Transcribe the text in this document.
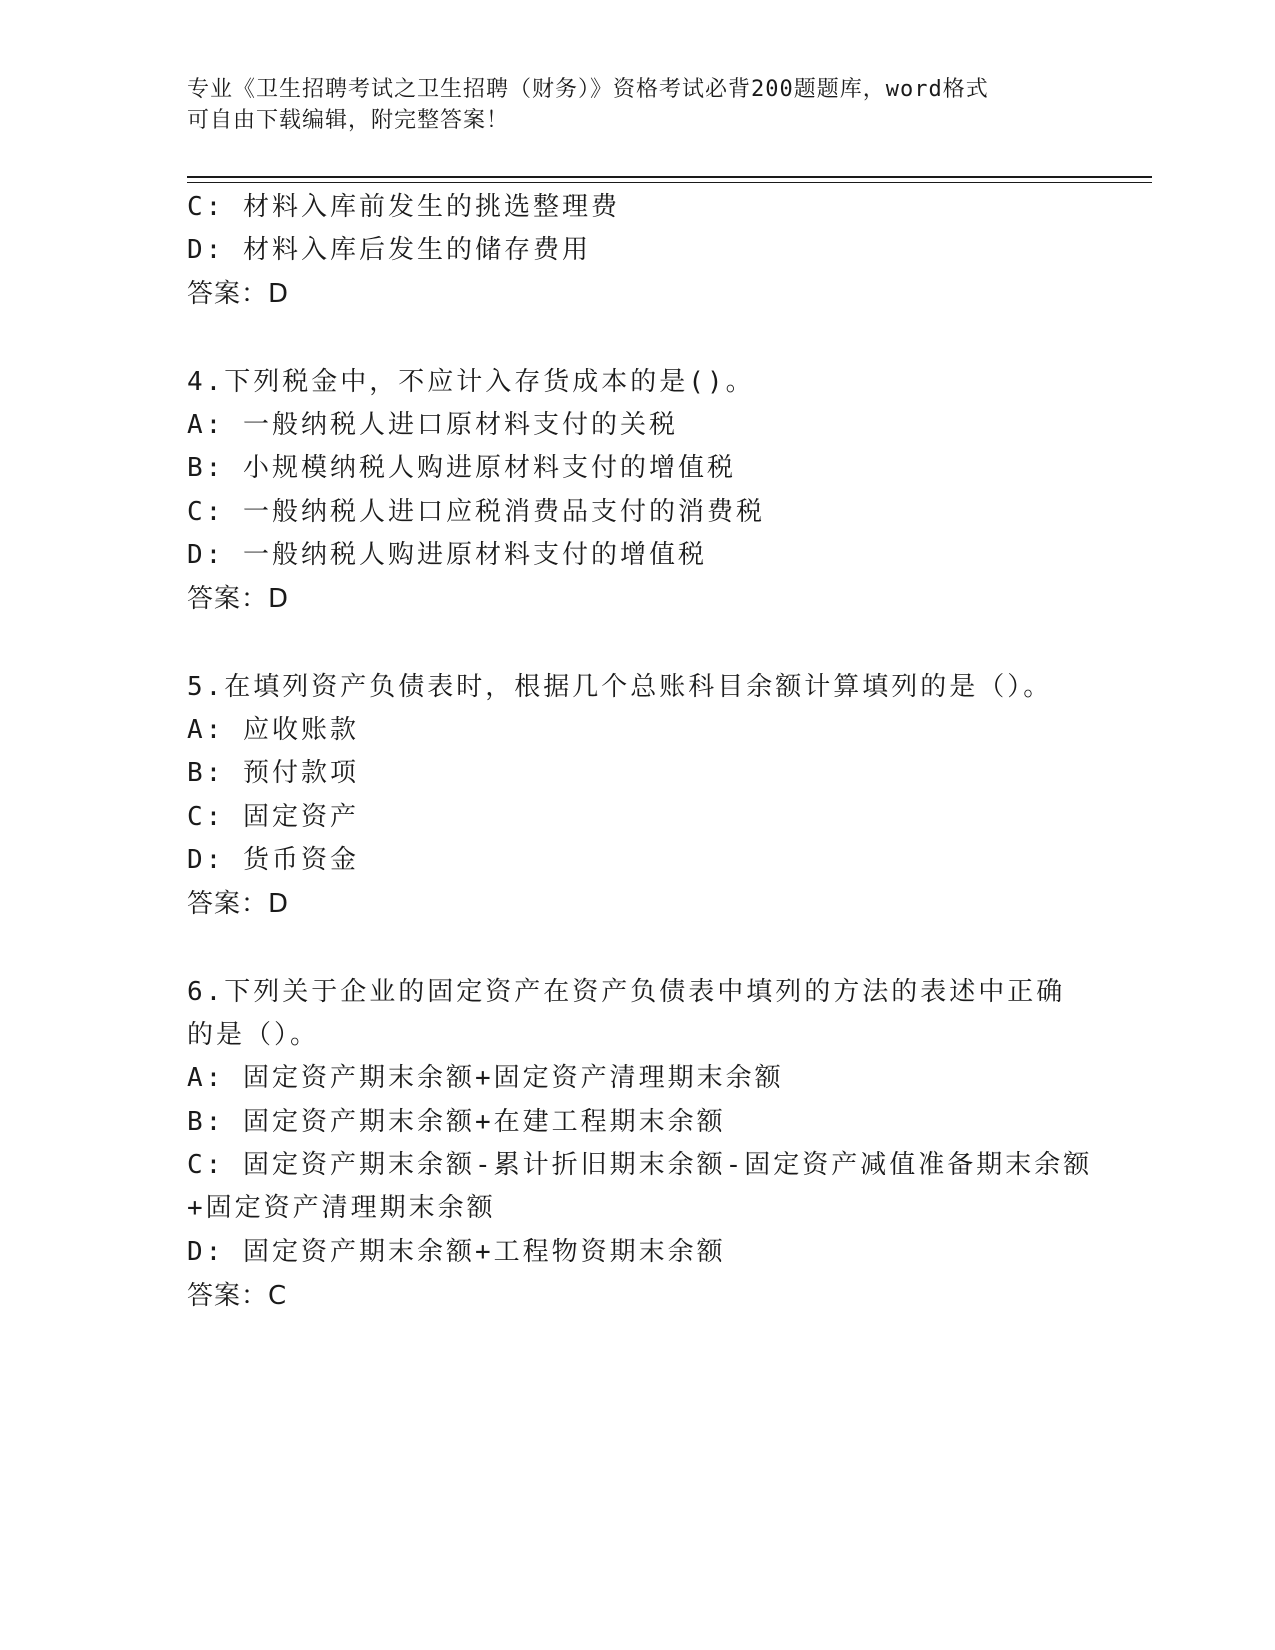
专业《卫生招聘考试之卫生招聘（财务）》资格考试必背200题题库，word格式
可自由下载编辑，附完整答案！
C: 材料入库前发生的挑选整理费
D: 材料入库后发生的储存费用
答案：D
4.下列税金中，不应计入存货成本的是()。
A: 一般纳税人进口原材料支付的关税
B: 小规模纳税人购进原材料支付的增值税
C: 一般纳税人进口应税消费品支付的消费税
D: 一般纳税人购进原材料支付的增值税
答案：D
5.在填列资产负债表时，根据几个总账科目余额计算填列的是（）。
A: 应收账款
B: 预付款项
C: 固定资产
D: 货币资金
答案：D
6.下列关于企业的固定资产在资产负债表中填列的方法的表述中正确
的是（）。
A: 固定资产期末余额+固定资产清理期末余额
B: 固定资产期末余额+在建工程期末余额
C: 固定资产期末余额-累计折旧期末余额-固定资产减值准备期末余额
+固定资产清理期末余额
D: 固定资产期末余额+工程物资期末余额
答案：C
